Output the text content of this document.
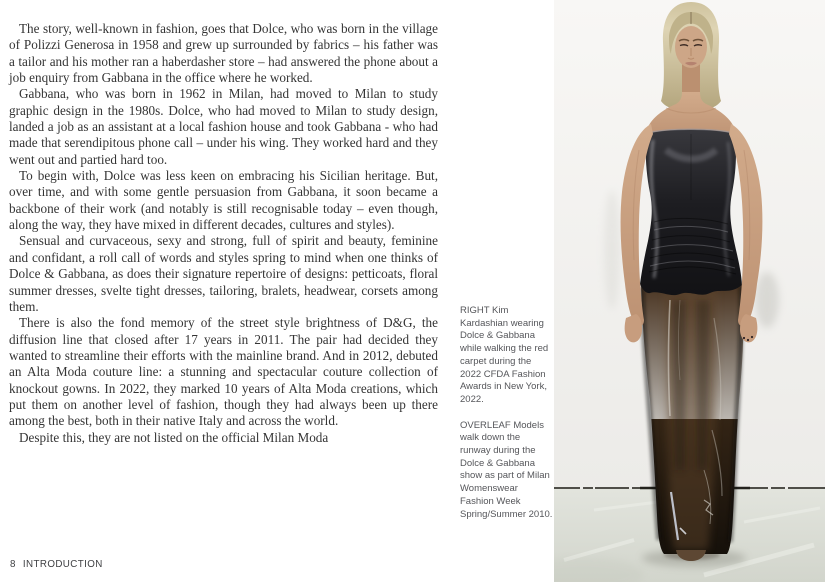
The story, well-known in fashion, goes that Dolce, who was born in the village of Polizzi Generosa in 1958 and grew up surrounded by fabrics – his father was a tailor and his mother ran a haberdasher store – had answered the phone about a job enquiry from Gabbana in the office where he worked.

Gabbana, who was born in 1962 in Milan, had moved to Milan to study graphic design in the 1980s. Dolce, who had moved to Milan to study design, landed a job as an assistant at a local fashion house and took Gabbana - who had made that serendipitous phone call – under his wing. They worked hard and they went out and partied hard too.

To begin with, Dolce was less keen on embracing his Sicilian heritage. But, over time, and with some gentle persuasion from Gabbana, it soon became a backbone of their work (and notably is still recognisable today – even though, along the way, they have mixed in different decades, cultures and styles).

Sensual and curvaceous, sexy and strong, full of spirit and beauty, feminine and confidant, a roll call of words and styles spring to mind when one thinks of Dolce & Gabbana, as does their signature repertoire of designs: petticoats, floral summer dresses, svelte tight dresses, tailoring, bralets, headwear, corsets among them.

There is also the fond memory of the street style brightness of D&G, the diffusion line that closed after 17 years in 2011. The pair had decided they wanted to streamline their efforts with the mainline brand. And in 2012, debuted an Alta Moda couture line: a stunning and spectacular couture collection of knockout gowns. In 2022, they marked 10 years of Alta Moda creations, which put them on another level of fashion, though they had always been up there among the best, both in their native Italy and across the world.

Despite this, they are not listed on the official Milan Moda

RIGHT Kim Kardashian wearing Dolce & Gabbana while walking the red carpet during the 2022 CFDA Fashion Awards in New York, 2022.

OVERLEAF Models walk down the runway during the Dolce & Gabbana show as part of Milan Womenswear Fashion Week Spring/Summer 2010.

8 INTRODUCTION
